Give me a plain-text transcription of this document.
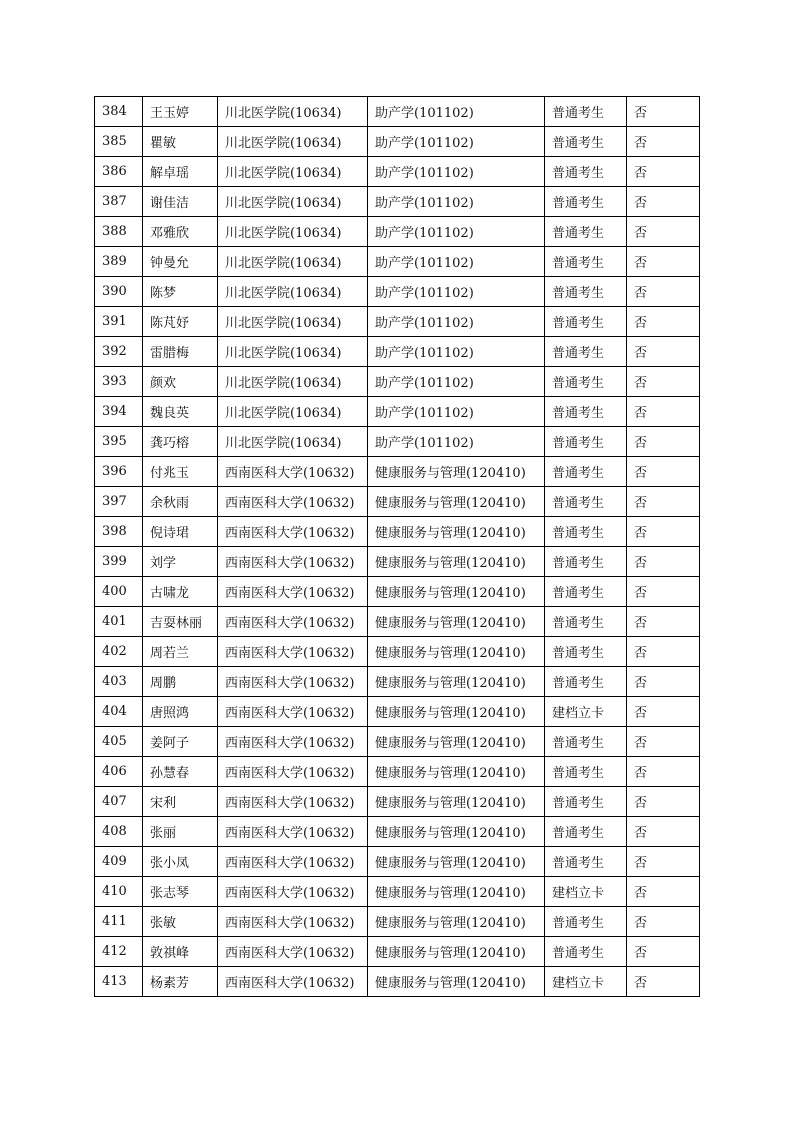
384	王玉婷	川北医学院(10634)	助产学(101102)	普通考生	否
385	瞿敏	川北医学院(10634)	助产学(101102)	普通考生	否
386	解卓瑶	川北医学院(10634)	助产学(101102)	普通考生	否
387	谢佳洁	川北医学院(10634)	助产学(101102)	普通考生	否
388	邓雅欣	川北医学院(10634)	助产学(101102)	普通考生	否
389	钟曼允	川北医学院(10634)	助产学(101102)	普通考生	否
390	陈梦	川北医学院(10634)	助产学(101102)	普通考生	否
391	陈芃妤	川北医学院(10634)	助产学(101102)	普通考生	否
392	雷腊梅	川北医学院(10634)	助产学(101102)	普通考生	否
393	颜欢	川北医学院(10634)	助产学(101102)	普通考生	否
394	魏良英	川北医学院(10634)	助产学(101102)	普通考生	否
395	龚巧榕	川北医学院(10634)	助产学(101102)	普通考生	否
396	付兆玉	西南医科大学(10632)	健康服务与管理(120410)	普通考生	否
397	余秋雨	西南医科大学(10632)	健康服务与管理(120410)	普通考生	否
398	倪诗珺	西南医科大学(10632)	健康服务与管理(120410)	普通考生	否
399	刘学	西南医科大学(10632)	健康服务与管理(120410)	普通考生	否
400	古啸龙	西南医科大学(10632)	健康服务与管理(120410)	普通考生	否
401	吉耍林丽	西南医科大学(10632)	健康服务与管理(120410)	普通考生	否
402	周若兰	西南医科大学(10632)	健康服务与管理(120410)	普通考生	否
403	周鹏	西南医科大学(10632)	健康服务与管理(120410)	普通考生	否
404	唐照鸿	西南医科大学(10632)	健康服务与管理(120410)	建档立卡	否
405	姜阿子	西南医科大学(10632)	健康服务与管理(120410)	普通考生	否
406	孙慧春	西南医科大学(10632)	健康服务与管理(120410)	普通考生	否
407	宋利	西南医科大学(10632)	健康服务与管理(120410)	普通考生	否
408	张丽	西南医科大学(10632)	健康服务与管理(120410)	普通考生	否
409	张小凤	西南医科大学(10632)	健康服务与管理(120410)	普通考生	否
410	张志琴	西南医科大学(10632)	健康服务与管理(120410)	建档立卡	否
411	张敏	西南医科大学(10632)	健康服务与管理(120410)	普通考生	否
412	敦祺峰	西南医科大学(10632)	健康服务与管理(120410)	普通考生	否
413	杨素芳	西南医科大学(10632)	健康服务与管理(120410)	建档立卡	否
